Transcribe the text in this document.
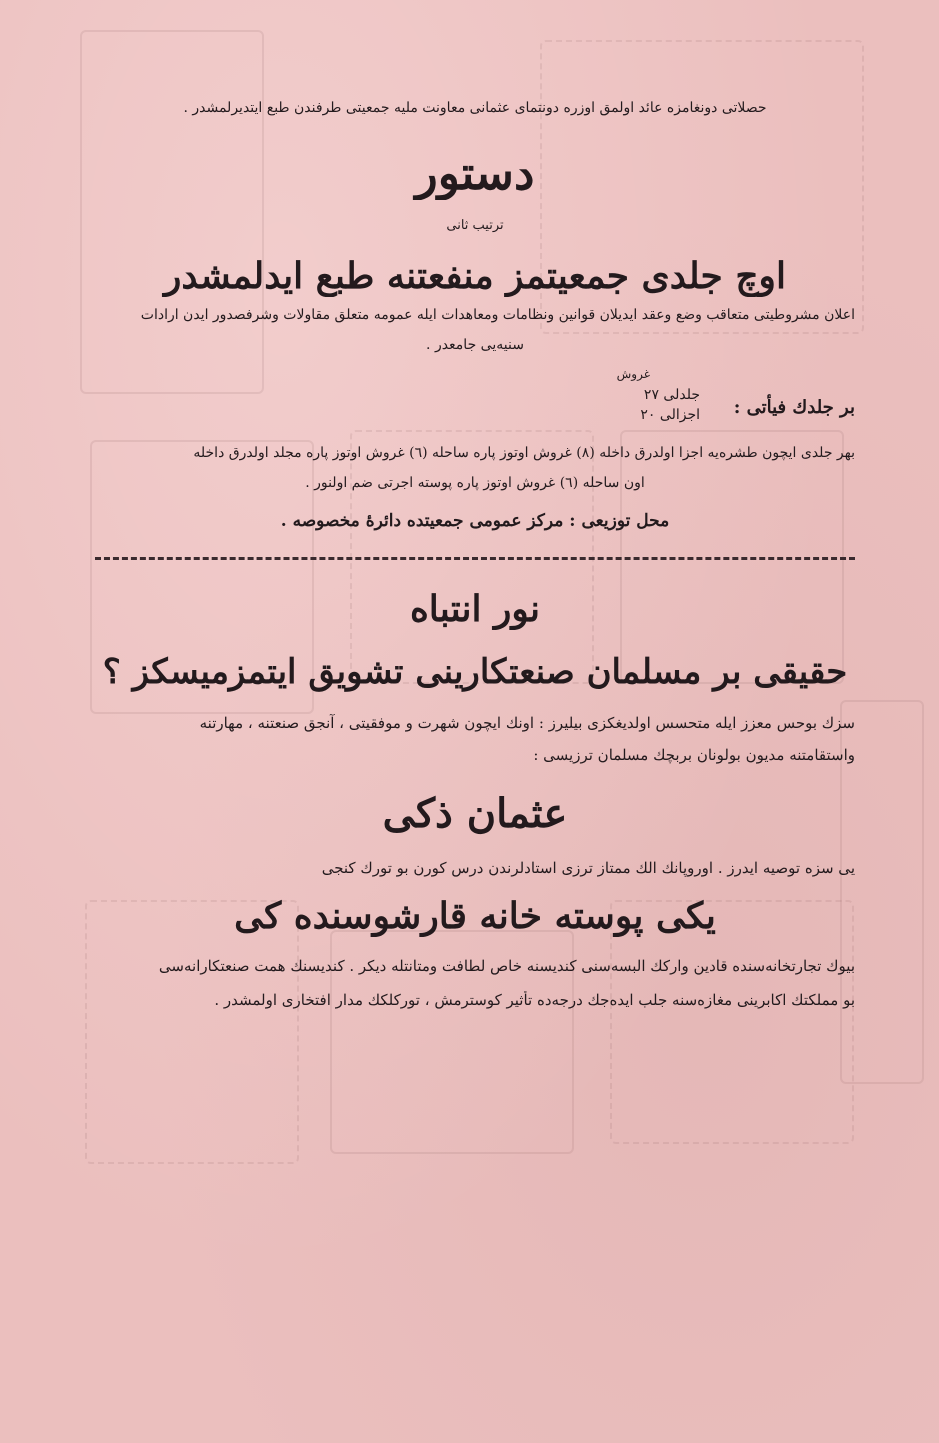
حصلاتی دونغامزه عائد اولمق اوزره دونتمای عثمانی معاونت ملیه جمعیتی طرفندن طبع ایتدیرلمشدر .

دستور

ترتیب ثانی

اوچ جلدی جمعیتمز منفعتنه طبع ایدلمشدر

اعلان مشروطیتی متعاقب وضع وعقد ایدیلان قوانین ونظامات ومعاهدات ایله عمومه متعلق مقاولات وشرفصدور ایدن ارادات

سنیه‌یی جامعدر .

غروش
جلدلی ٢٧
اجزالی ٢٠	بر جلدك فیأتی :

بهر جلدی ایچون طشره‌یه اجزا اولدرق داخله (٨) غروش اوتوز پاره ساحله (٦) غروش اوتوز پاره مجلد اولدرق داخله

اون ساحله (٦) غروش اوتوز پاره پوسته اجرتی ضم اولنور .

محل توزیعی : مرکز عمومی جمعیتده دائرهٔ مخصوصه .

نور انتباه

حقیقی بر مسلمان صنعتکارینی تشویق ایتمزمیسکز ؟

سزك بوحس معزز ایله متحسس اولدیغکزی بیلیرز : اونك ایچون شهرت و موفقیتی ، آنجق صنعتنه ، مهارتنه

واستقامتنه مدیون بولونان بربچك مسلمان ترزیسی :

عثمان ذکی

یی سزه توصیه ایدرز . اوروپانك الك ممتاز ترزی استادلرندن درس کورن بو تورك کنجی

یکی پوسته خانه قارشوسنده کی

بیوك تجارتخانه‌سنده قادین وارکك البسه‌سنی کندیسنه خاص لطافت ومتانتله دیکر . کندیسنك همت صنعتکارانه‌سی

بو مملکتك اکابرینی مغازه‌سنه جلب ایده‌جك درجه‌ده تأثیر کوسترمش ، تورکلکك مدار افتخاری اولمشدر .
